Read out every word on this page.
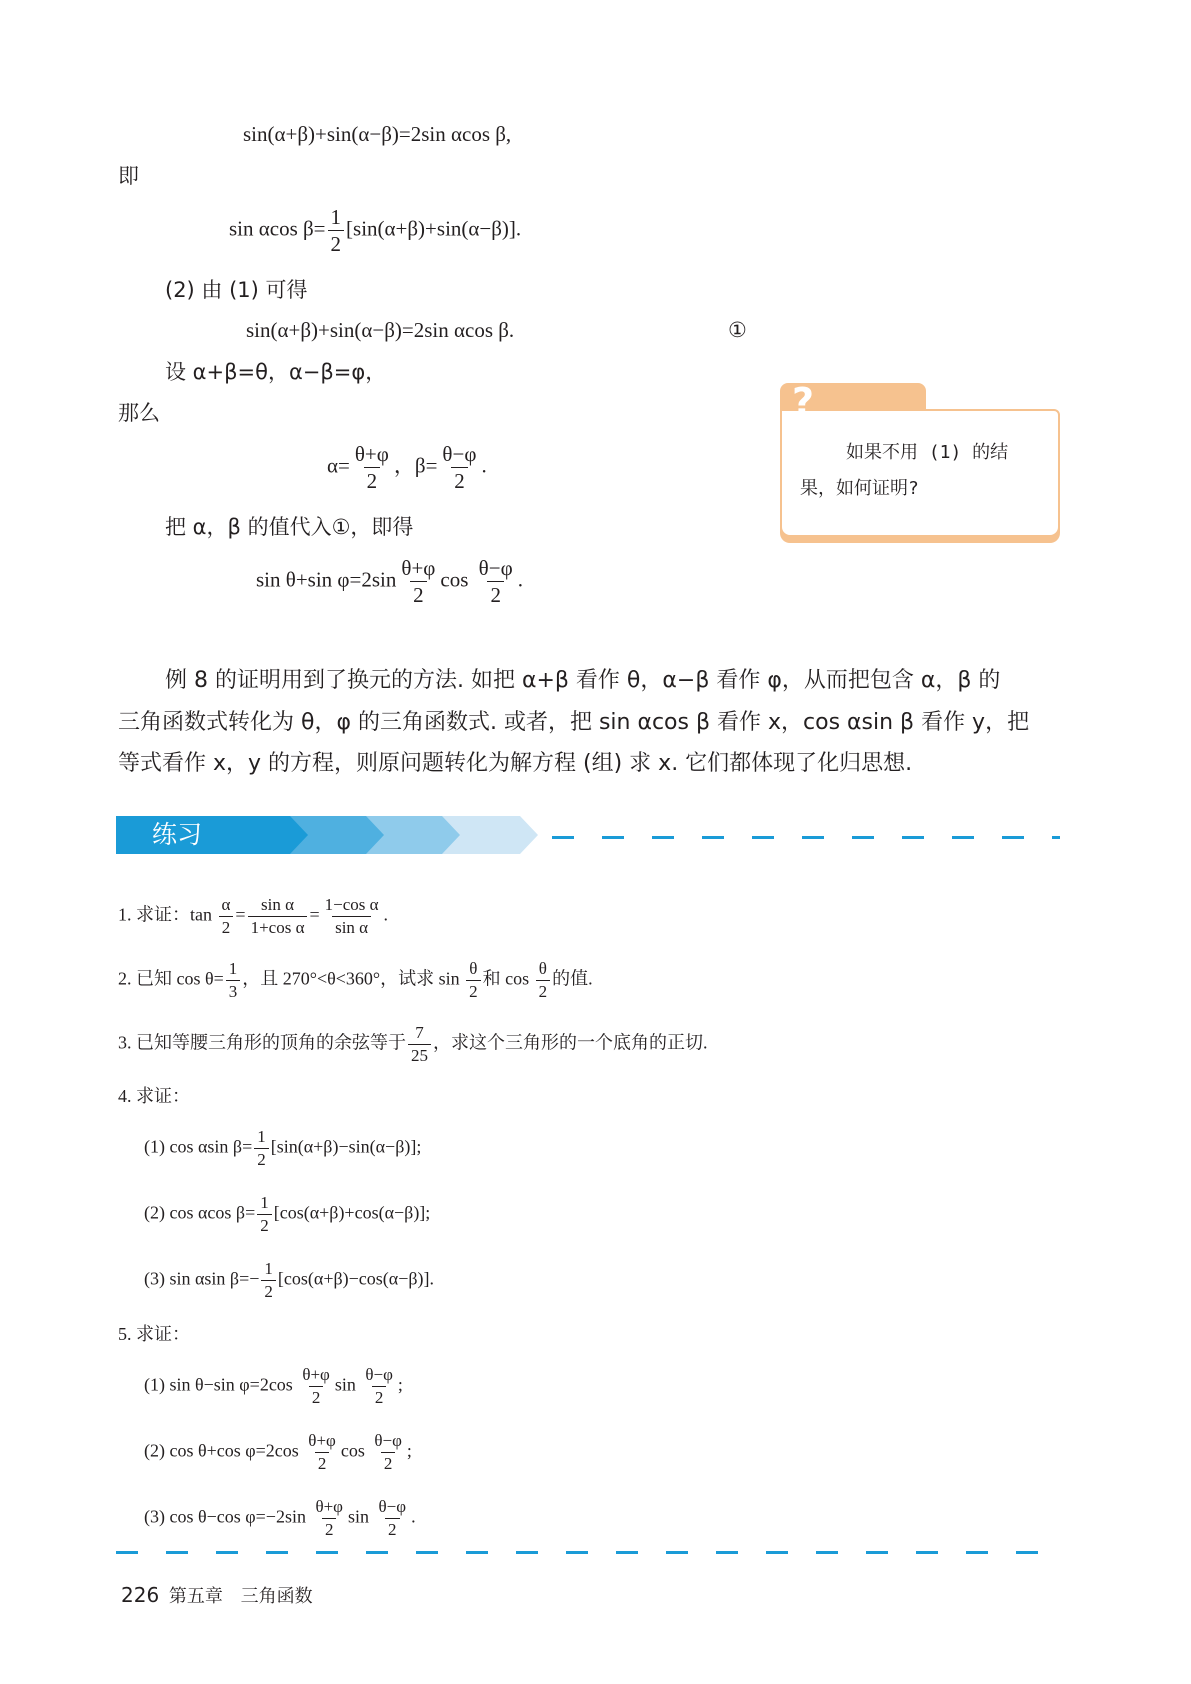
sin(α+β)+sin(α−β)=2sin αcos β,
即
sin αcos $\beta= \frac{1}{2} [\sin(\alpha+\beta)+\sin(\alpha-\beta)]$.
(2) 由 (1) 可得
sin(α+β)+sin(α−β)=2sin αcos β.	①
设 α+β=θ，α−β=φ，
那么
$\alpha= \frac{\theta+\varphi}{2}$ ，$\beta= \frac{\theta-\varphi}{2}$ .
把 α，β 的值代入①，即得
sin θ+sin $\varphi=2\sin \frac{\theta+\varphi}{2}$ $\cos \frac{\theta-\varphi}{2}$ .
?
如果不用 (1) 的结
果，如何证明?
例 8 的证明用到了换元的方法. 如把 α+β 看作 θ，α−β 看作 φ，从而把包含 α，β 的
三角函数式转化为 θ，φ 的三角函数式. 或者，把 sin αcos β 看作 x，cos αsin β 看作 y，把
等式看作 x，y 的方程，则原问题转化为解方程 (组) 求 x. 它们都体现了化归思想.
练习
1. 求证：$\tan \frac{\alpha}{2} = \frac{\text{sin α}}{\text{1+cos α}} = \frac{\text{1−cos α}}{\text{sin α}}$ .
2. 已知 $\cos \theta= \frac{1}{3}$ ，且 270°<θ<360°，试求 $\sin \frac{\theta}{2}$ 和 $\cos \frac{\theta}{2}$ 的值.
3. 已知等腰三角形的顶角的余弦等于 $\frac{7}{25}$ ，求这个三角形的一个底角的正切.
4. 求证：
(1) cos αsin $\beta= \frac{1}{2} [\sin(\alpha+\beta)-\sin(\alpha-\beta)]$;
(2) cos αcos $\beta= \frac{1}{2} [\cos(\alpha+\beta)+\cos(\alpha-\beta)]$;
(3) sin αsin $\beta=- \frac{1}{2} [\cos(\alpha+\beta)-\cos(\alpha-\beta)]$.
5. 求证：
(1) sin θ−sin $\varphi=2\cos \frac{\theta+\varphi}{2}$ $\sin \frac{\theta-\varphi}{2}$ ;
(2) cos θ+cos $\varphi=2\cos \frac{\theta+\varphi}{2}$ $\cos \frac{\theta-\varphi}{2}$ ;
(3) cos θ−cos $\varphi=-2\sin \frac{\theta+\varphi}{2}$ $\sin \frac{\theta-\varphi}{2}$ .
226 第五章 三角函数
